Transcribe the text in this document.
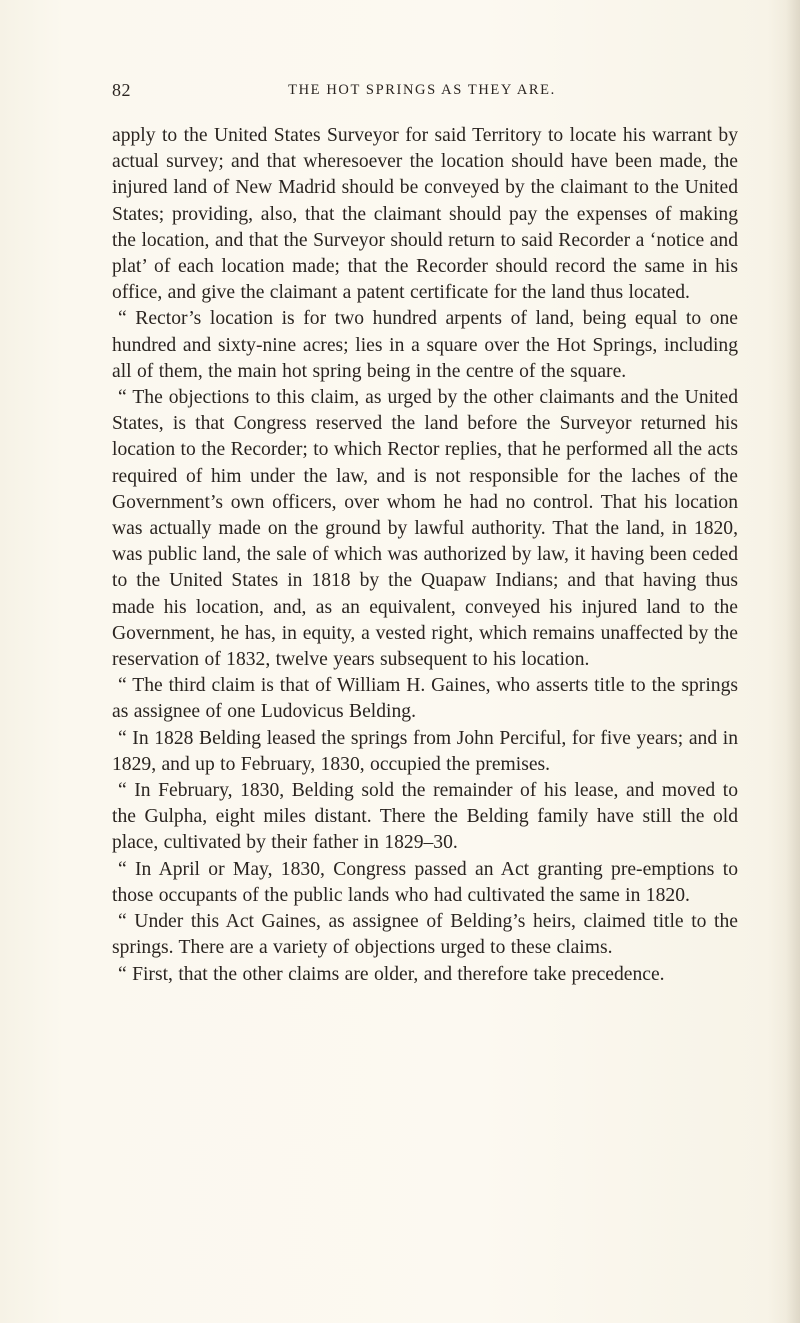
82	THE HOT SPRINGS AS THEY ARE.

apply to the United States Surveyor for said Territory to locate his warrant by actual survey; and that wheresoever the location should have been made, the injured land of New Madrid should be conveyed by the claimant to the United States; providing, also, that the claimant should pay the expenses of making the location, and that the Surveyor should return to said Recorder a ‘notice and plat’ of each location made; that the Recorder should record the same in his office, and give the claimant a patent certificate for the land thus located.

“ Rector’s location is for two hundred arpents of land, being equal to one hundred and sixty-nine acres; lies in a square over the Hot Springs, including all of them, the main hot spring being in the centre of the square.

“ The objections to this claim, as urged by the other claimants and the United States, is that Congress reserved the land before the Surveyor returned his location to the Recorder; to which Rector replies, that he performed all the acts required of him under the law, and is not responsible for the laches of the Government’s own officers, over whom he had no control. That his location was actually made on the ground by lawful authority. That the land, in 1820, was public land, the sale of which was authorized by law, it having been ceded to the United States in 1818 by the Quapaw Indians; and that having thus made his location, and, as an equivalent, conveyed his injured land to the Government, he has, in equity, a vested right, which remains unaffected by the reservation of 1832, twelve years subsequent to his location.

“ The third claim is that of William H. Gaines, who asserts title to the springs as assignee of one Ludovicus Belding.

“ In 1828 Belding leased the springs from John Perciful, for five years; and in 1829, and up to February, 1830, occupied the premises.

“ In February, 1830, Belding sold the remainder of his lease, and moved to the Gulpha, eight miles distant. There the Belding family have still the old place, cultivated by their father in 1829–30.

“ In April or May, 1830, Congress passed an Act granting pre-emptions to those occupants of the public lands who had cultivated the same in 1820.

“ Under this Act Gaines, as assignee of Belding’s heirs, claimed title to the springs. There are a variety of objections urged to these claims.

“ First, that the other claims are older, and therefore take precedence.
